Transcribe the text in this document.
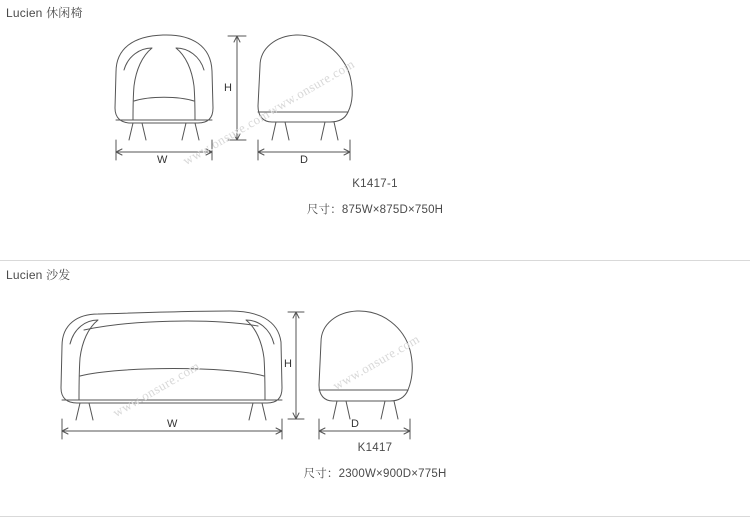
Lucien 休闲椅
H
W	D
www.onsure.com
www.onsure.com
K1417-1
尺寸：875W×875D×750H
Lucien 沙发
H
W	D
www.onsure.com	www.onsure.com
K1417
尺寸：2300W×900D×775H
